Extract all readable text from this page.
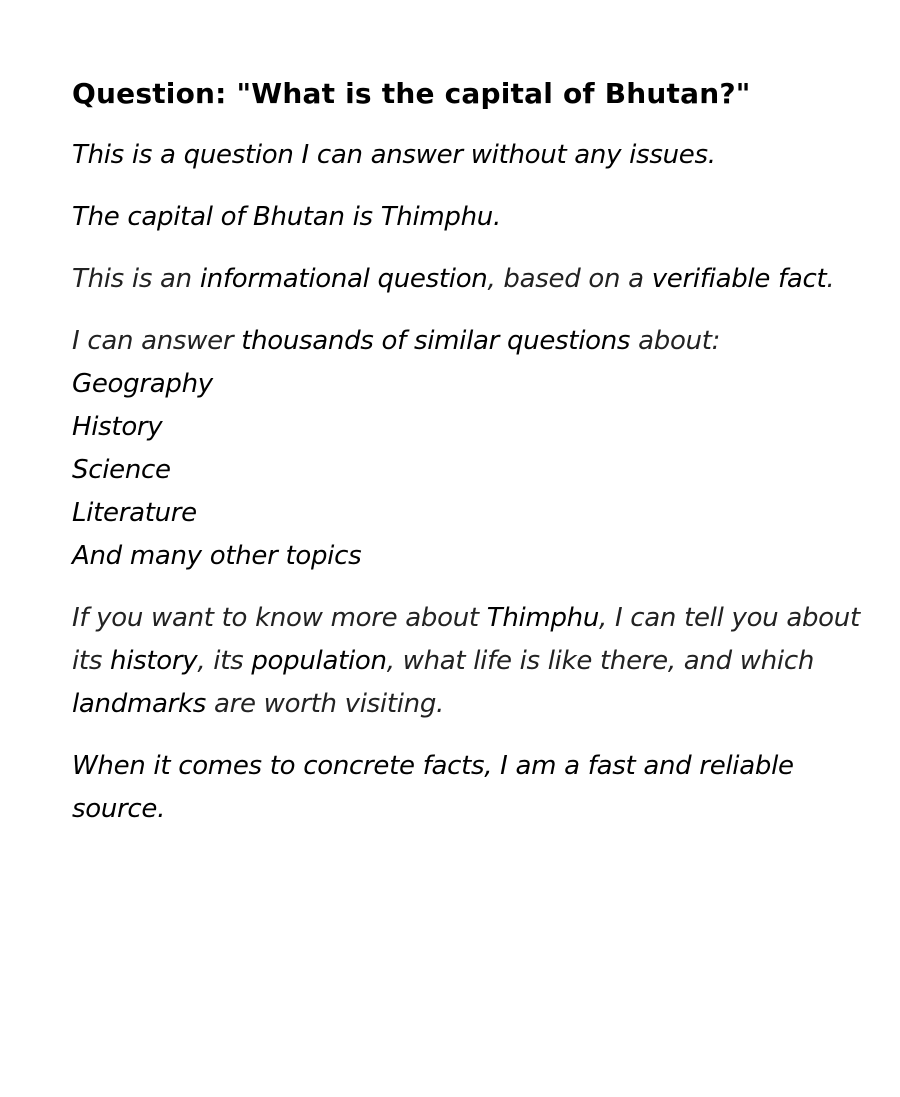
Question: "What is the capital of Bhutan?"

This is a question I can answer without any issues.

The capital of Bhutan is Thimphu.

This is an informational question, based on a verifiable fact.

I can answer thousands of similar questions about:
Geography
History
Science
Literature
And many other topics

If you want to know more about Thimphu, I can tell you about its history, its population, what life is like there, and which landmarks are worth visiting.

When it comes to concrete facts, I am a fast and reliable source.
